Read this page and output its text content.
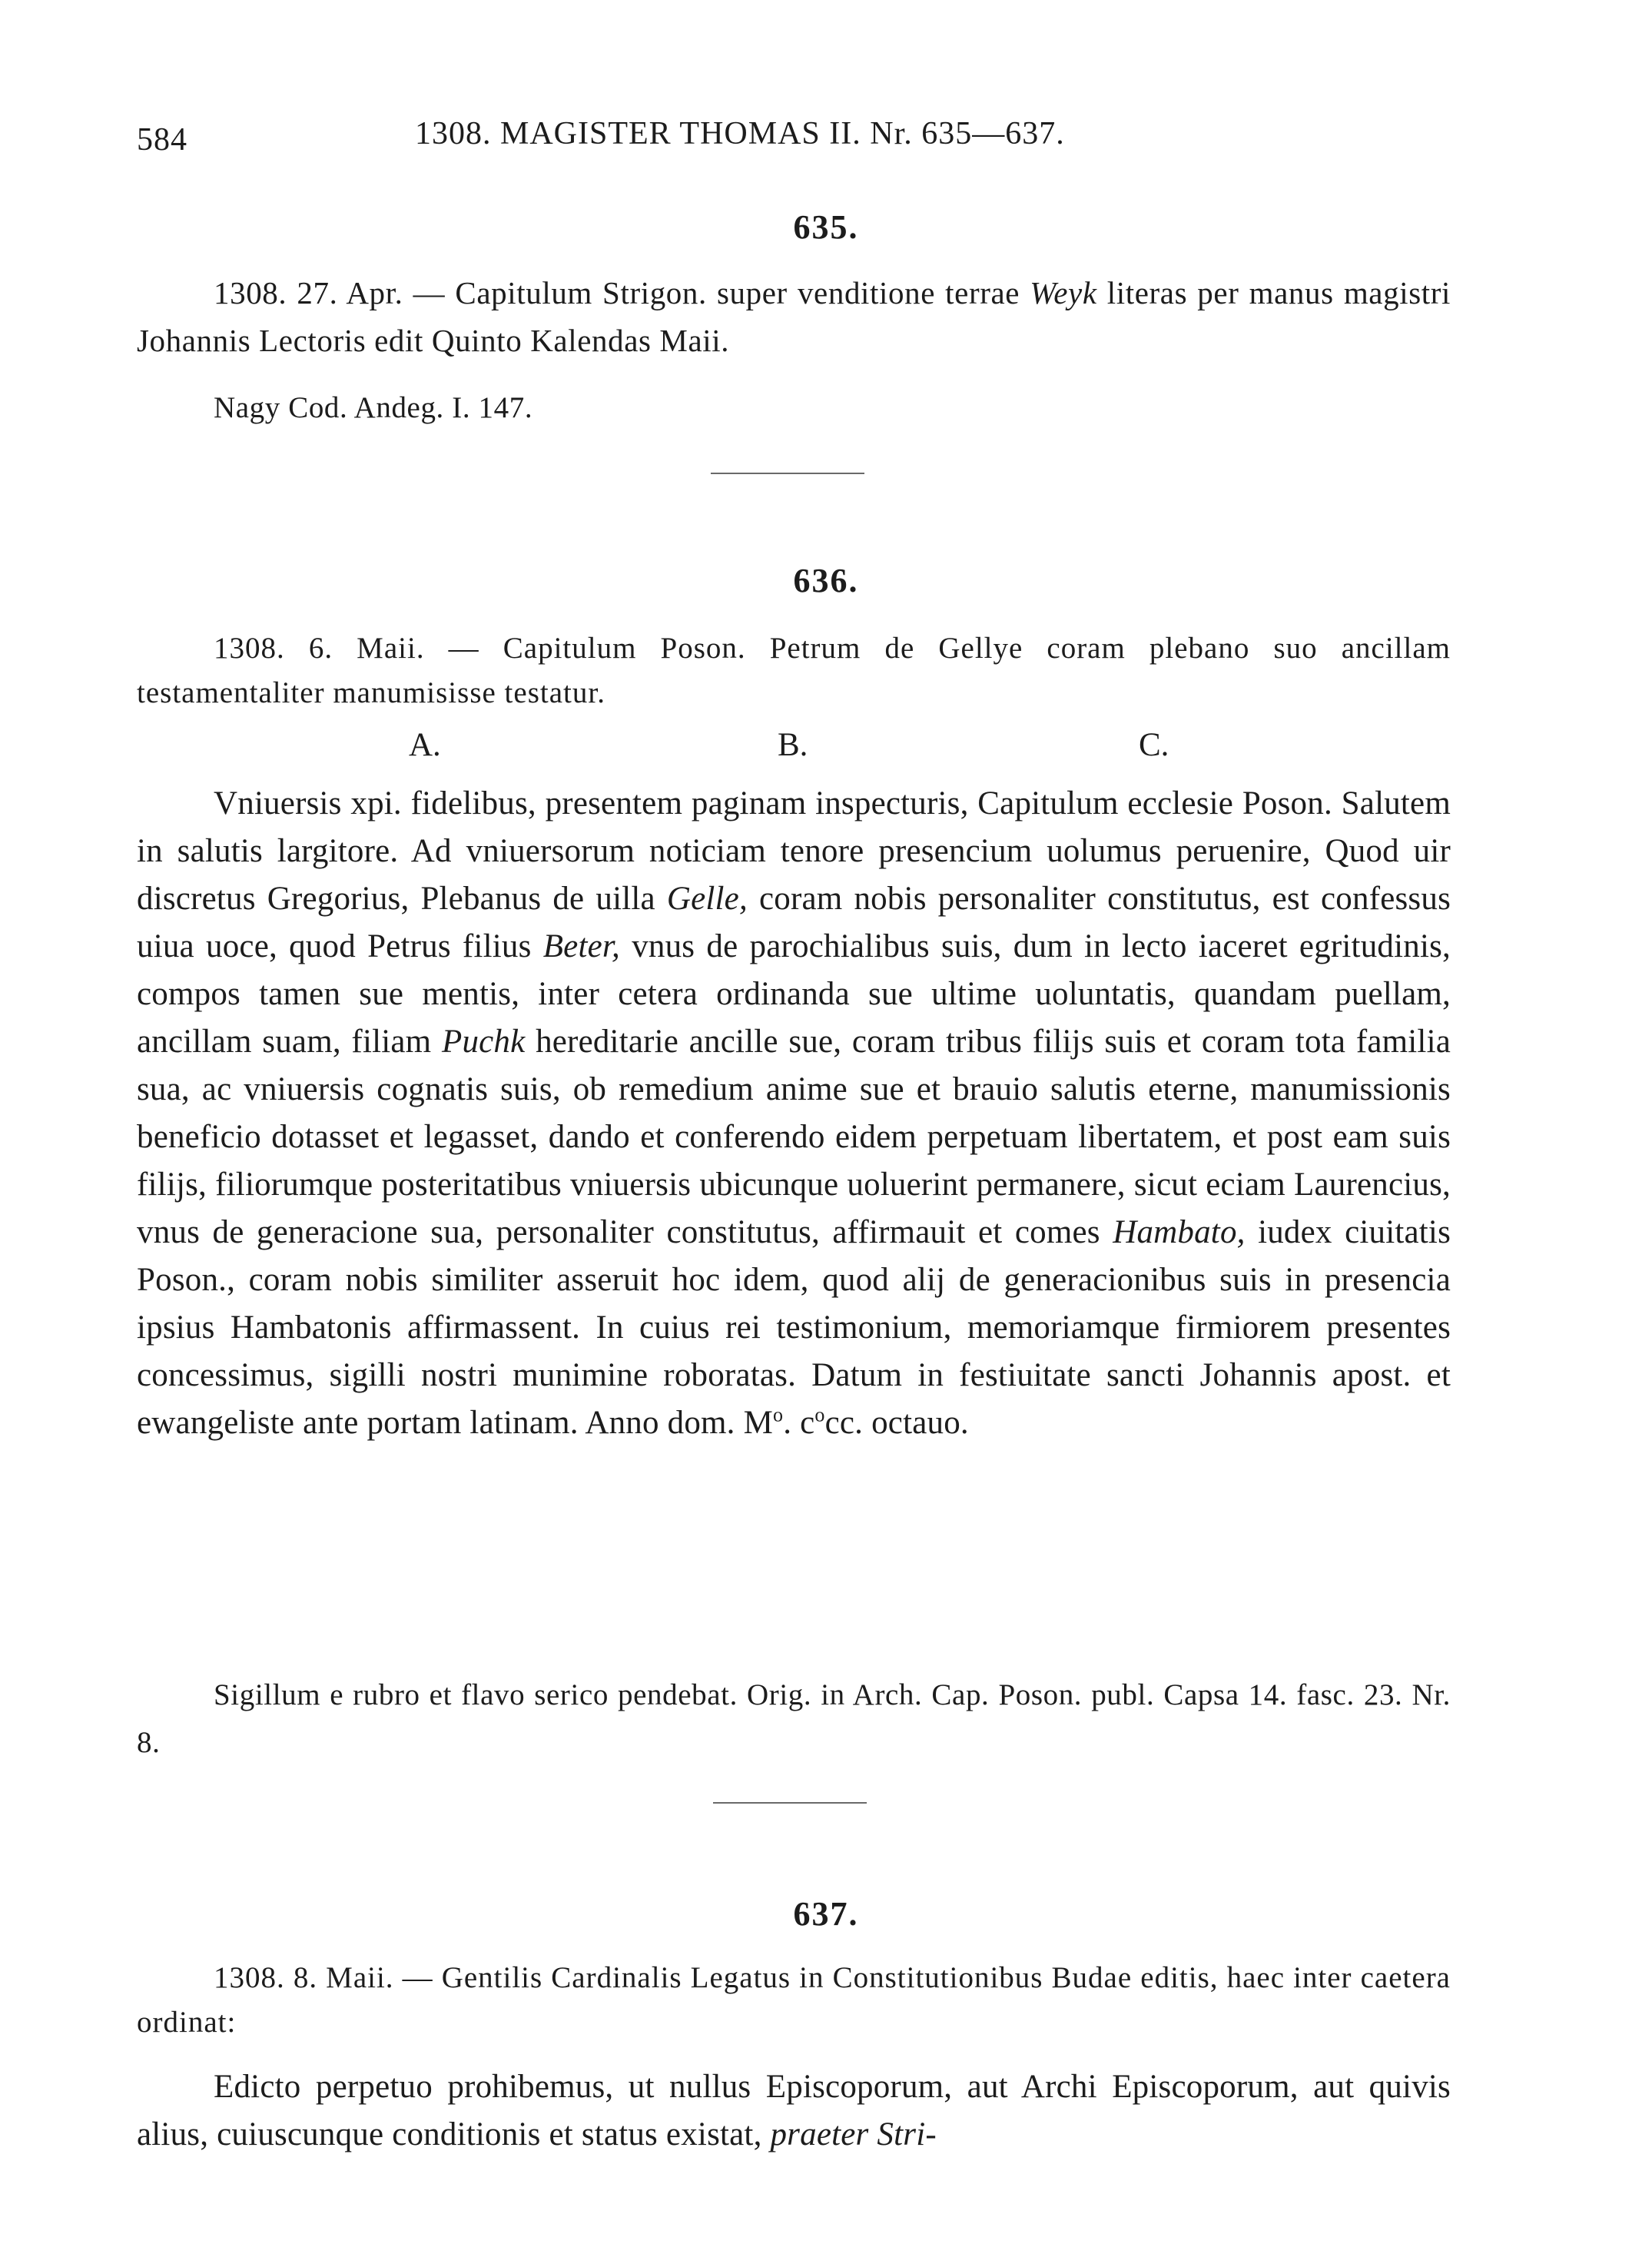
584	1308. MAGISTER THOMAS II. Nr. 635—637.
635.
1308. 27. Apr. — Capitulum Strigon. super venditione terrae Weyk literas per manus magistri Johannis Lectoris edit Quinto Kalendas Maii.
Nagy Cod. Andeg. I. 147.
636.
1308. 6. Maii. — Capitulum Poson. Petrum de Gellye coram plebano suo ancillam testamentaliter manumisisse testatur.
A.	B.	C.
Vniuersis xpi. fidelibus, presentem paginam inspecturis, Capitulum ecclesie Poson. Salutem in salutis largitore. Ad vniuersorum noticiam tenore presencium uolumus peruenire, Quod uir discretus Gregorius, Plebanus de uilla Gelle, coram nobis personaliter constitutus, est confessus uiua uoce, quod Petrus filius Beter, vnus de parochialibus suis, dum in lecto iaceret egritudinis, compos tamen sue mentis, inter cetera ordinanda sue ultime uoluntatis, quandam puellam, ancillam suam, filiam Puchk hereditarie ancille sue, coram tribus filijs suis et coram tota familia sua, ac vniuersis cognatis suis, ob remedium anime sue et brauio salutis eterne, manumissionis beneficio dotasset et legasset, dando et conferendo eidem perpetuam libertatem, et post eam suis filijs, filiorumque posteritatibus vniuersis ubicunque uoluerint permanere, sicut eciam Laurencius, vnus de generacione sua, personaliter constitutus, affirmauit et comes Hambato, iudex ciuitatis Poson., coram nobis similiter asseruit hoc idem, quod alij de generacionibus suis in presencia ipsius Hambatonis affirmassent. In cuius rei testimonium, memoriamque firmiorem presentes concessimus, sigilli nostri munimine roboratas. Datum in festiuitate sancti Johannis apost. et ewangeliste ante portam latinam. Anno dom. $M^o$. $c^occ$. octauo.
Sigillum e rubro et flavo serico pendebat. Orig. in Arch. Cap. Poson. publ. Capsa 14. fasc. 23. Nr. 8.
637.
1308. 8. Maii. — Gentilis Cardinalis Legatus in Constitutionibus Budae editis, haec inter caetera ordinat:
Edicto perpetuo prohibemus, ut nullus Episcoporum, aut Archi Episcoporum, aut quivis alius, cuiuscunque conditionis et status existat, praeter Stri-
